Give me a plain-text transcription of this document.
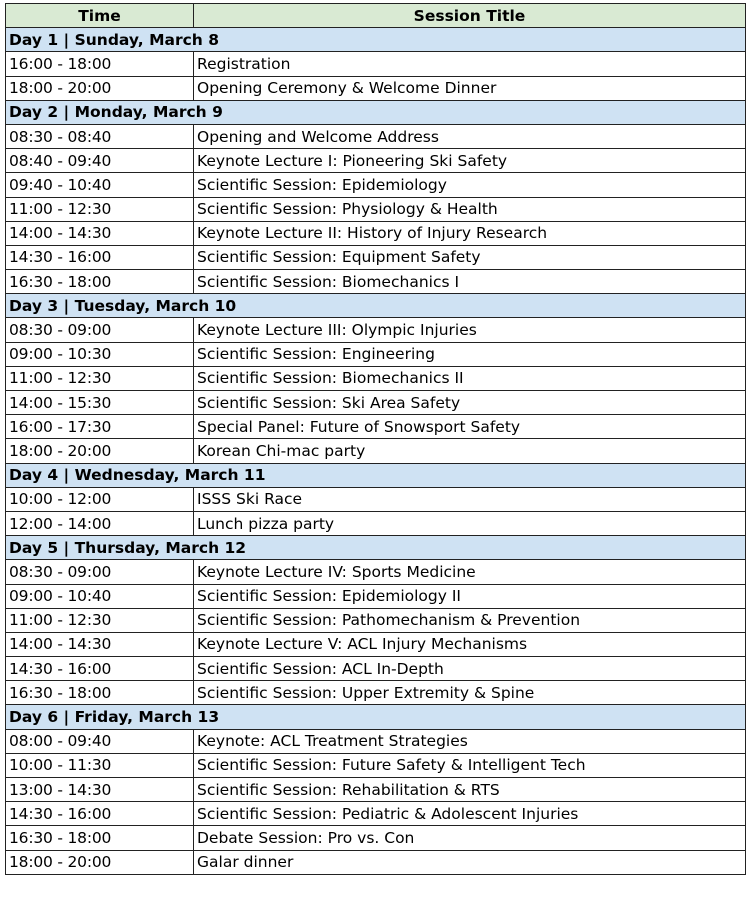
Time	Session Title
Day 1 | Sunday, March 8	
16:00 - 18:00	Registration
18:00 - 20:00	Opening Ceremony & Welcome Dinner
Day 2 | Monday, March 9	
08:30 - 08:40	Opening and Welcome Address
08:40 - 09:40	Keynote Lecture I: Pioneering Ski Safety
09:40 - 10:40	Scientific Session: Epidemiology
11:00 - 12:30	Scientific Session: Physiology & Health
14:00 - 14:30	Keynote Lecture II: History of Injury Research
14:30 - 16:00	Scientific Session: Equipment Safety
16:30 - 18:00	Scientific Session: Biomechanics I
Day 3 | Tuesday, March 10	
08:30 - 09:00	Keynote Lecture III: Olympic Injuries
09:00 - 10:30	Scientific Session: Engineering
11:00 - 12:30	Scientific Session: Biomechanics II
14:00 - 15:30	Scientific Session: Ski Area Safety
16:00 - 17:30	Special Panel: Future of Snowsport Safety
18:00 - 20:00	Korean Chi-mac party
Day 4 | Wednesday, March 11	
10:00 - 12:00	ISSS Ski Race
12:00 - 14:00	Lunch pizza party
Day 5 | Thursday, March 12	
08:30 - 09:00	Keynote Lecture IV: Sports Medicine
09:00 - 10:40	Scientific Session: Epidemiology II
11:00 - 12:30	Scientific Session: Pathomechanism & Prevention
14:00 - 14:30	Keynote Lecture V: ACL Injury Mechanisms
14:30 - 16:00	Scientific Session: ACL In-Depth
16:30 - 18:00	Scientific Session: Upper Extremity & Spine
Day 6 | Friday, March 13	
08:00 - 09:40	Keynote: ACL Treatment Strategies
10:00 - 11:30	Scientific Session: Future Safety & Intelligent Tech
13:00 - 14:30	Scientific Session: Rehabilitation & RTS
14:30 - 16:00	Scientific Session: Pediatric & Adolescent Injuries
16:30 - 18:00	Debate Session: Pro vs. Con
18:00 - 20:00	Galar dinner
